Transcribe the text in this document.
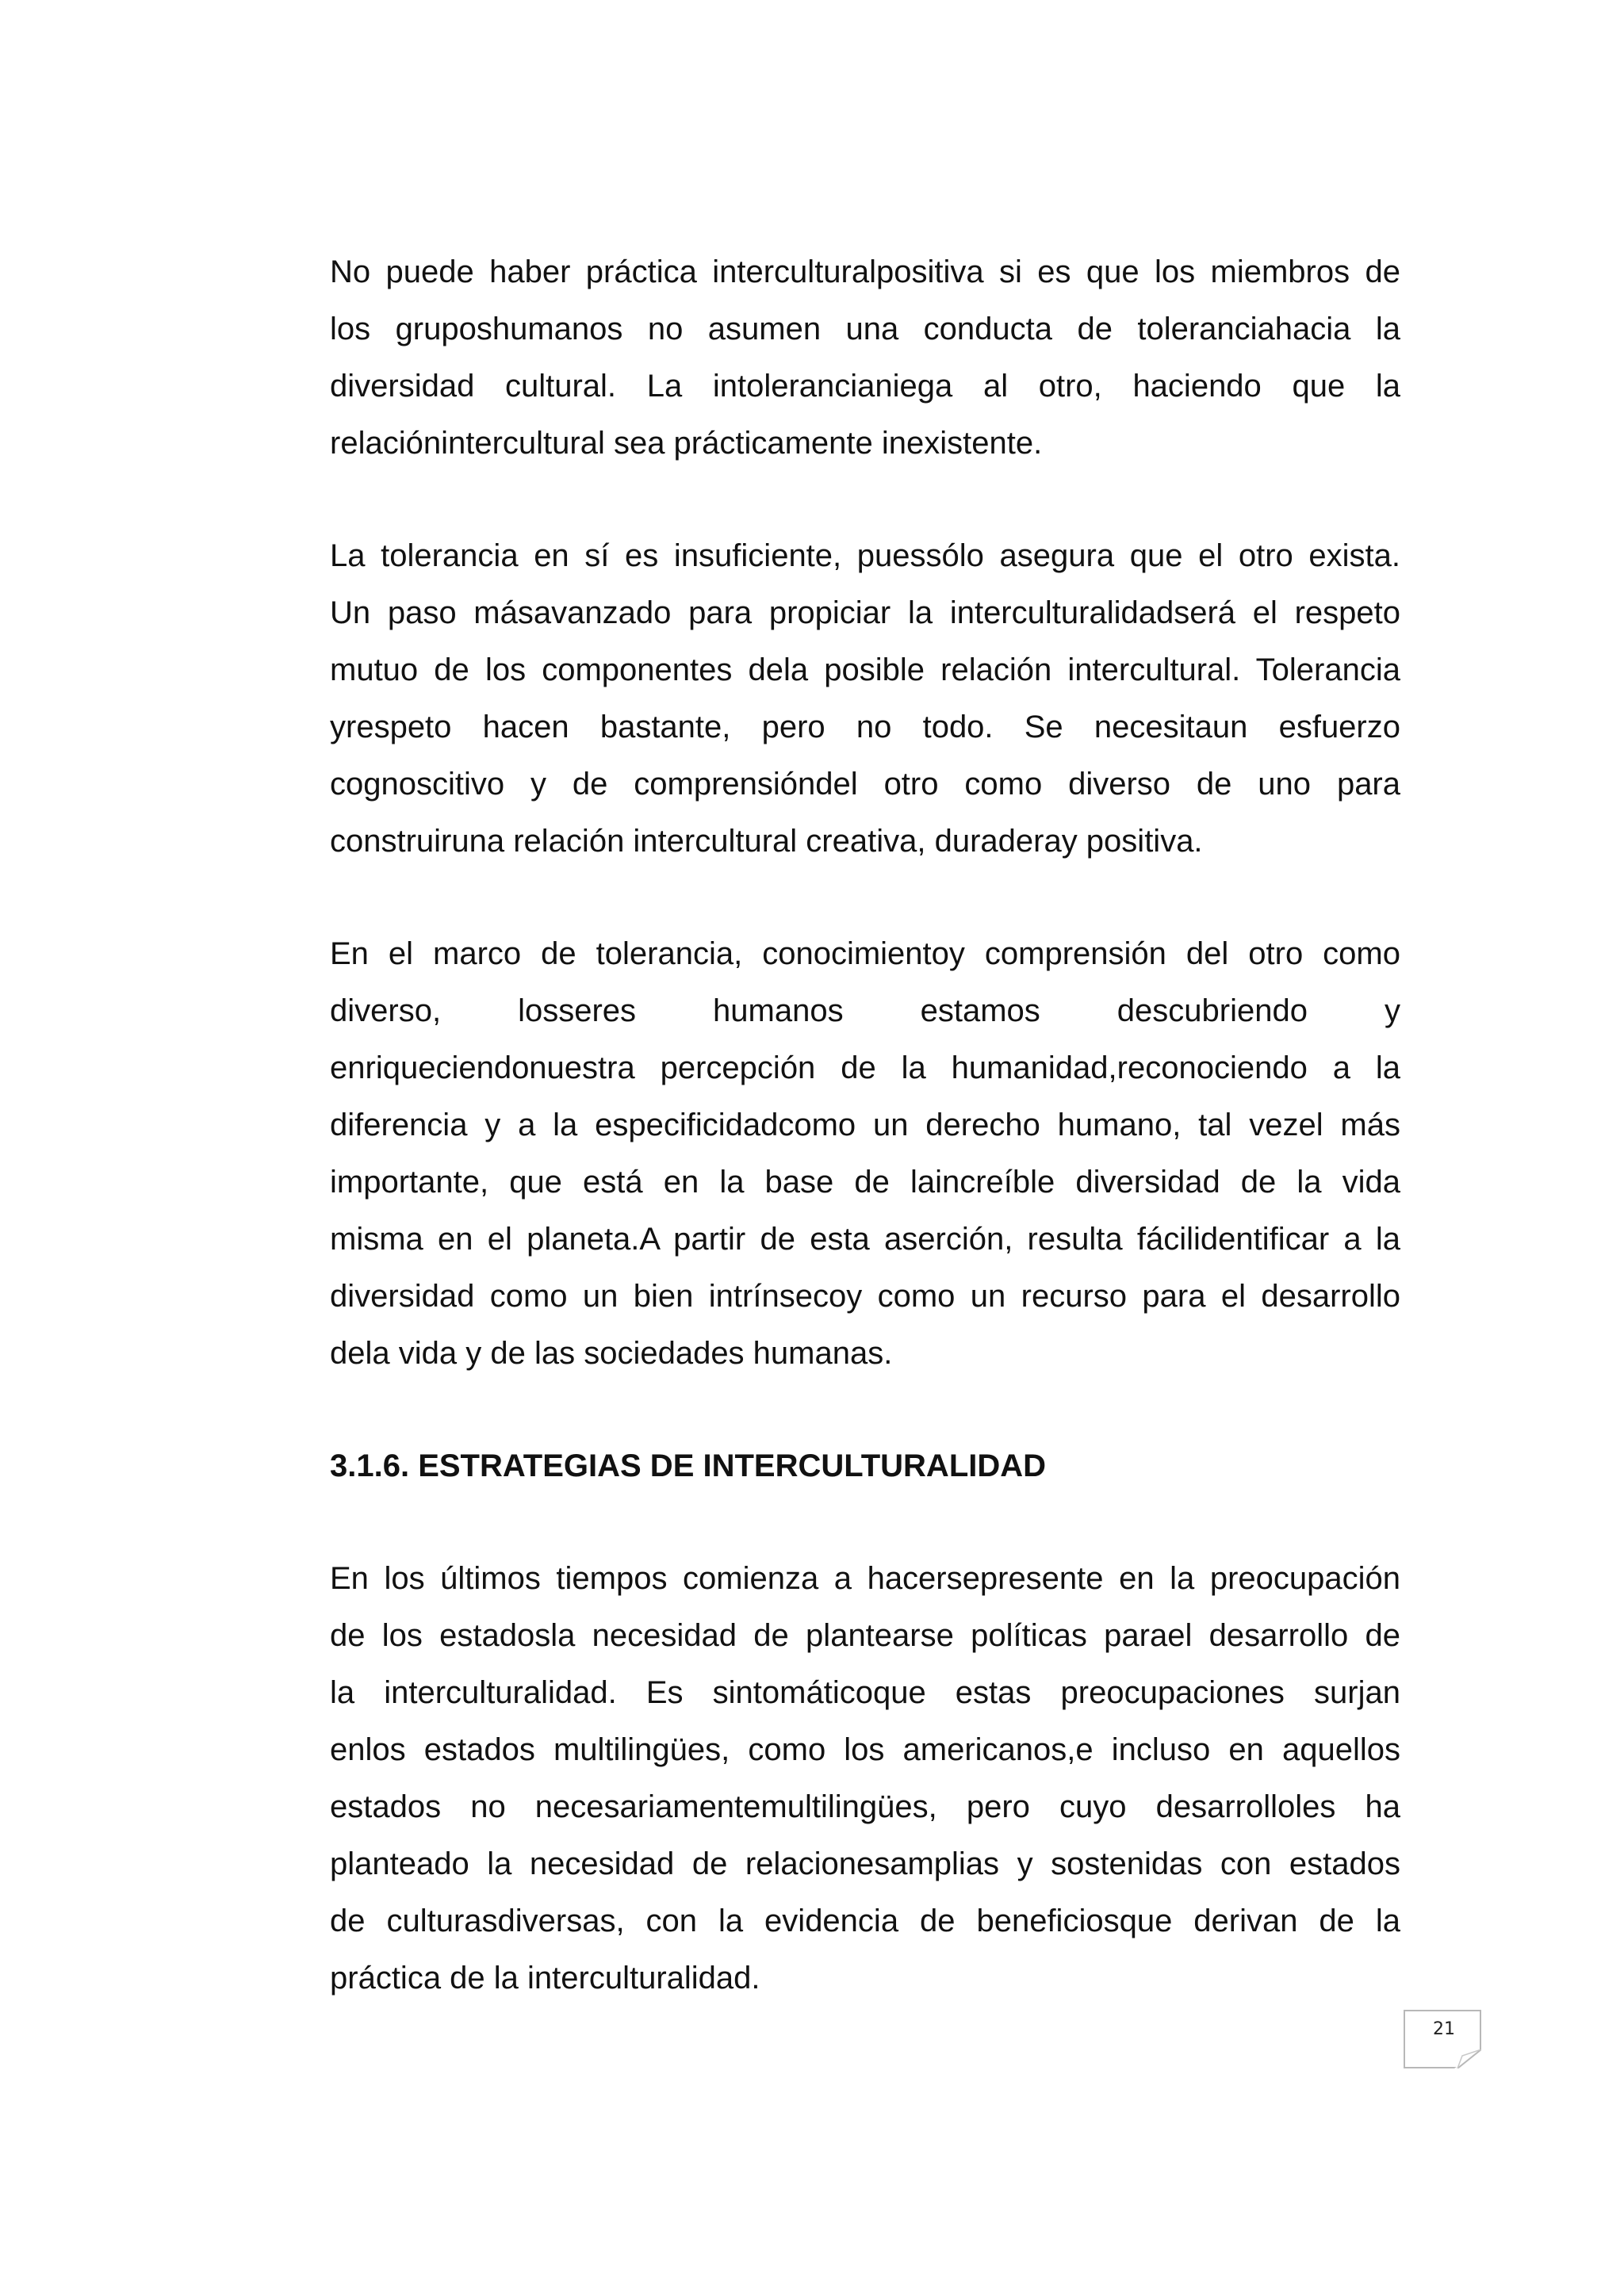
No puede haber práctica interculturalpositiva si es que los miembros de
los gruposhumanos no asumen una conducta de toleranciahacia la
diversidad cultural. La intolerancianiega al otro, haciendo que la
relaciónintercultural sea prácticamente inexistente.
La tolerancia en sí es insuficiente, puessólo asegura que el otro exista.
Un paso másavanzado para propiciar la interculturalidadserá el respeto
mutuo de los componentes dela posible relación intercultural. Tolerancia
yrespeto hacen bastante, pero no todo. Se necesitaun esfuerzo
cognoscitivo y de comprensióndel otro como diverso de uno para
construiruna relación intercultural creativa, duraderay positiva.
En el marco de tolerancia, conocimientoy comprensión del otro como
diverso, losseres humanos estamos descubriendo y
enriqueciendonuestra percepción de la humanidad,reconociendo a la
diferencia y a la especificidadcomo un derecho humano, tal vezel más
importante, que está en la base de laincreíble diversidad de la vida
misma en el planeta.A partir de esta aserción, resulta fácilidentificar a la
diversidad como un bien intrínsecoy como un recurso para el desarrollo
dela vida y de las sociedades humanas.
3.1.6. ESTRATEGIAS DE INTERCULTURALIDAD
En los últimos tiempos comienza a hacersepresente en la preocupación
de los estadosla necesidad de plantearse políticas parael desarrollo de
la interculturalidad. Es sintomáticoque estas preocupaciones surjan
enlos estados multilingües, como los americanos,e incluso en aquellos
estados no necesariamentemultilingües, pero cuyo desarrolloles ha
planteado la necesidad de relacionesamplias y sostenidas con estados
de culturasdiversas, con la evidencia de beneficiosque derivan de la
práctica de la interculturalidad.
21
